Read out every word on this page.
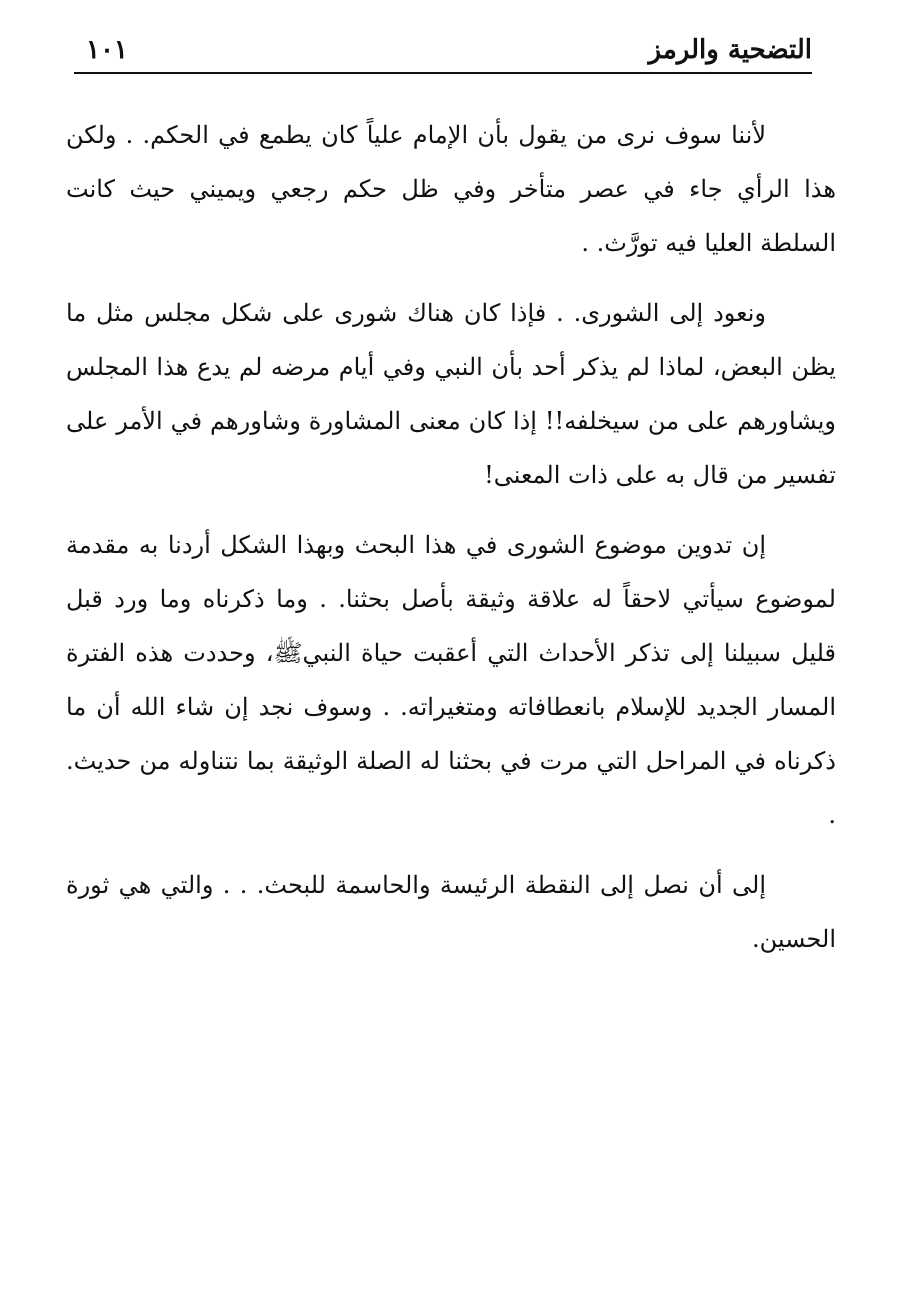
التضحية والرمز
١٠١

لأننا سوف نرى من يقول بأن الإمام علياً كان يطمع في الحكم. . ولكن هذا الرأي جاء في عصر متأخر وفي ظل حكم رجعي ويميني حيث كانت السلطة العليا فيه تورَّث. .

ونعود إلى الشورى. . فإذا كان هناك شورى على شكل مجلس مثل ما يظن البعض، لماذا لم يذكر أحد بأن النبي وفي أيام مرضه لم يدع هذا المجلس ويشاورهم على من سيخلفه!! إذا كان معنى المشاورة وشاورهم في الأمر على تفسير من قال به على ذات المعنى!

إن تدوين موضوع الشورى في هذا البحث وبهذا الشكل أردنا به مقدمة لموضوع سيأتي لاحقاً له علاقة وثيقة بأصل بحثنا. . وما ذكرناه وما ورد قبل قليل سبيلنا إلى تذكر الأحداث التي أعقبت حياة النبيﷺ، وحددت هذه الفترة المسار الجديد للإسلام بانعطافاته ومتغيراته. . وسوف نجد إن شاء الله أن ما ذكرناه في المراحل التي مرت في بحثنا له الصلة الوثيقة بما نتناوله من حديث. .

إلى أن نصل إلى النقطة الرئيسة والحاسمة للبحث. . . والتي هي ثورة الحسين.
